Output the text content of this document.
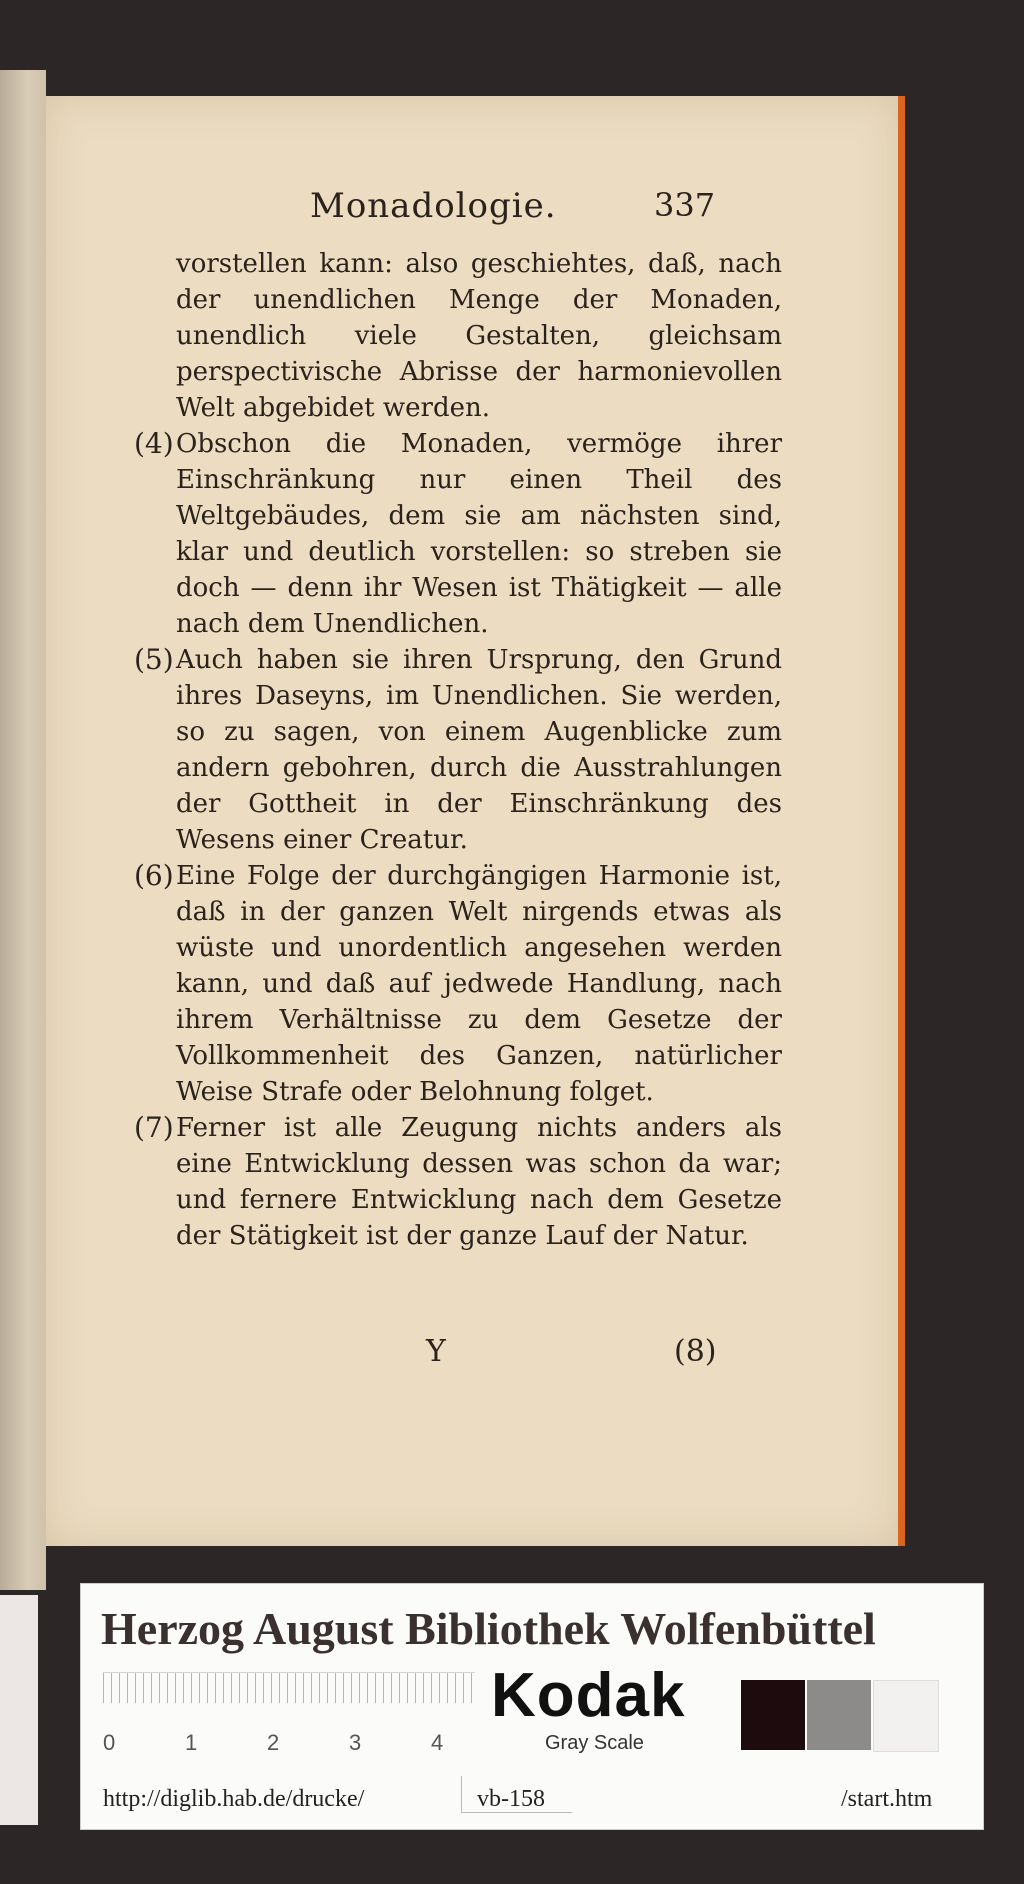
Monadologie.	337

vorstellen kann: also geschiehtes, daß, nach der unendlichen Menge der Monaden, unendlich viele Gestalten, gleichsam perspectivische Abrisse der harmonievollen Welt abgebidet werden.

(4) Obschon die Monaden, vermöge ihrer Einschränkung nur einen Theil des Weltgebäudes, dem sie am nächsten sind, klar und deutlich vorstellen: so streben sie doch — denn ihr Wesen ist Thätigkeit — alle nach dem Unendlichen.

(5) Auch haben sie ihren Ursprung, den Grund ihres Daseyns, im Unendlichen. Sie werden, so zu sagen, von einem Augenblicke zum andern gebohren, durch die Ausstrahlungen der Gottheit in der Einschränkung des Wesens einer Creatur.

(6) Eine Folge der durchgängigen Harmonie ist, daß in der ganzen Welt nirgends etwas als wüste und unordentlich angesehen werden kann, und daß auf jedwede Handlung, nach ihrem Verhältnisse zu dem Gesetze der Vollkommenheit des Ganzen, natürlicher Weise Strafe oder Belohnung folget.

(7) Ferner ist alle Zeugung nichts anders als eine Entwicklung dessen was schon da war; und fernere Entwicklung nach dem Gesetze der Stätigkeit ist der ganze Lauf der Natur.

Y	(8)
Herzog August Bibliothek Wolfenbüttel
0	1	2	3	4
Kodak
Gray Scale
http://diglib.hab.de/drucke/	vb-158	/start.htm
